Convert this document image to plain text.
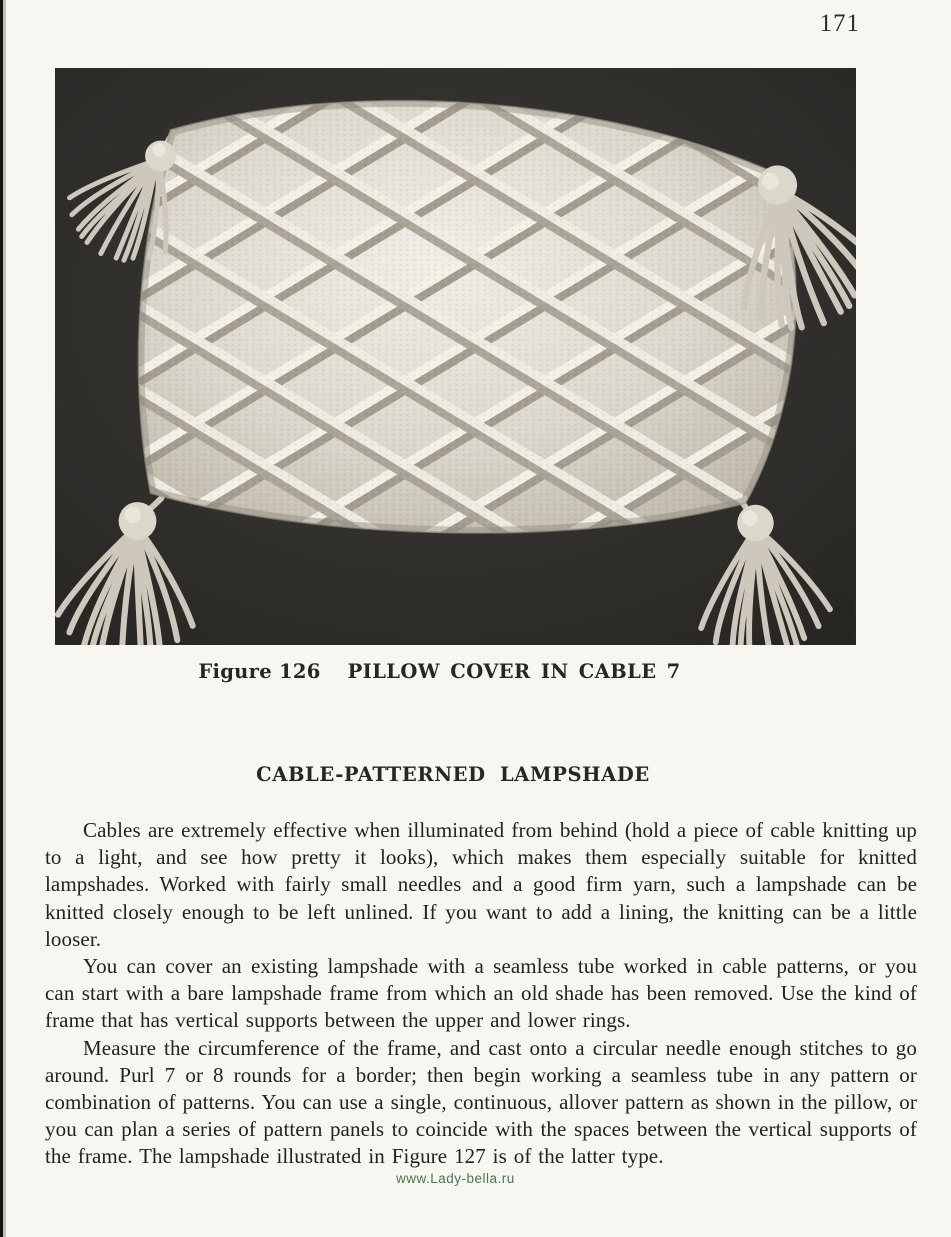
171
Figure 126 PILLOW COVER IN CABLE 7
CABLE-PATTERNED LAMPSHADE

Cables are extremely effective when illuminated from behind (hold a piece of cable knitting up to a light, and see how pretty it looks), which makes them especially suitable for knitted lampshades. Worked with fairly small needles and a good firm yarn, such a lampshade can be knitted closely enough to be left unlined. If you want to add a lining, the knitting can be a little looser.

You can cover an existing lampshade with a seamless tube worked in cable patterns, or you can start with a bare lampshade frame from which an old shade has been removed. Use the kind of frame that has vertical supports between the upper and lower rings.

Measure the circumference of the frame, and cast onto a circular needle enough stitches to go around. Purl 7 or 8 rounds for a border; then begin working a seamless tube in any pattern or combination of patterns. You can use a single, continuous, allover pattern as shown in the pillow, or you can plan a series of pattern panels to coincide with the spaces between the vertical supports of the frame. The lampshade illustrated in Figure 127 is of the latter type.

www.Lady-bella.ru
